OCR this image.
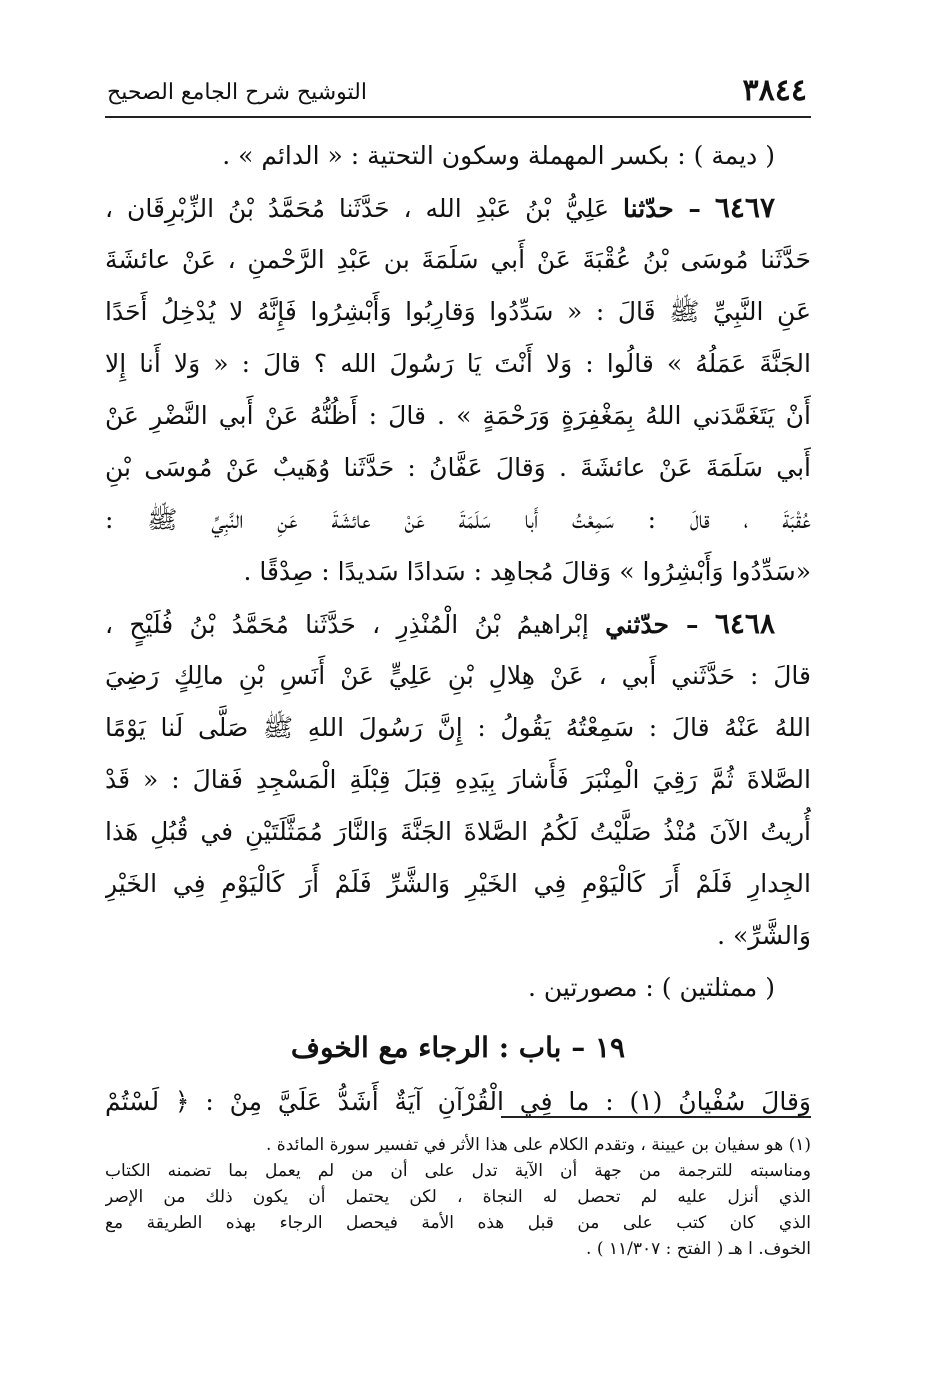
٣٨٤٤
التوشيح شرح الجامع الصحيح
( ديمة ) : بكسر المهملة وسكون التحتية : « الدائم » .
٦٤٦٧ – حدّثنا عَلِيُّ بْنُ عَبْدِ الله ، حَدَّثَنا مُحَمَّدُ بْنُ الزِّبْرِقَان ،
حَدَّثَنا مُوسَى بْنُ عُقْبَةَ عَنْ أَبي سَلَمَةَ بن عَبْدِ الرَّحْمنِ ، عَنْ عائشَةَ
عَنِ النَّبِيِّ ﷺ قَالَ : « سَدِّدُوا وَقارِبُوا وَأَبْشِرُوا فَإِنَّهُ لا يُدْخِلُ أَحَدًا
الجَنَّةَ عَمَلُهُ » قالُوا : وَلا أَنْتَ يَا رَسُولَ الله ؟ قالَ : « وَلا أَنا إِلا
أَنْ يَتَغَمَّدَني اللهُ بِمَغْفِرَةٍ وَرَحْمَةٍ » . قالَ : أَظُنُّهُ عَنْ أَبي النَّضْرِ عَنْ
أَبي سَلَمَةَ عَنْ عائشَةَ . وَقالَ عَفَّانُ : حَدَّثَنا وُهَيبٌ عَنْ مُوسَى بْنِ
عُقْبَةَ ، قالَ : سَمِعْتُ أَبا سَلَمَةَ عَنْ عائشَةَ عَنِ النَّبِيِّ ﷺ :
«سَدِّدُوا وَأَبْشِرُوا » وَقالَ مُجاهِد : سَدادًا سَديدًا : صِدْقًا .
٦٤٦٨ – حدّثني إبْراهيمُ بْنُ الْمُنْذِرِ ، حَدَّثَنا مُحَمَّدُ بْنُ فُلَيْحٍ ،
قالَ : حَدَّثَني أَبي ، عَنْ هِلالِ بْنِ عَلِيٍّ عَنْ أَنَسِ بْنِ مالِكٍ رَضِيَ
اللهُ عَنْهُ قالَ : سَمِعْتُهُ يَقُولُ : إِنَّ رَسُولَ اللهِ ﷺ صَلَّى لَنا يَوْمًا
الصَّلاةَ ثُمَّ رَقِيَ الْمِنْبَرَ فَأَشارَ بِيَدِهِ قِبَلَ قِبْلَةِ الْمَسْجِدِ فَقالَ : « قَدْ
أُريتُ الآنَ مُنْذُ صَلَّيْتُ لَكُمُ الصَّلاةَ الجَنَّةَ وَالنَّارَ مُمَثَّلَتَيْنِ في قُبُلِ هَذا
الجِدارِ فَلَمْ أَرَ كَالْيَوْمِ فِي الخَيْرِ وَالشَّرِّ فَلَمْ أَرَ كَالْيَوْمِ فِي الخَيْرِ
وَالشَّرِّ» .
( ممثلتين ) : مصورتين .
١٩ – باب : الرجاء مع الخوف
وَقالَ سُفْيانُ (١) : ما فِي الْقُرْآنِ آيَةٌ أَشَدُّ عَلَيَّ مِنْ : ﴿ لَسْتُمْ
(١) هو سفيان بن عيينة ، وتقدم الكلام على هذا الأثر في تفسير سورة المائدة .
ومناسبته للترجمة من جهة أن الآية تدل على أن من لم يعمل بما تضمنه الكتاب
الذي أنزل عليه لم تحصل له النجاة ، لكن يحتمل أن يكون ذلك من الإصر
الذي كان كتب على من قبل هذه الأمة فيحصل الرجاء بهذه الطريقة مع
الخوف. ا هـ ( الفتح : ١١/٣٠٧ ) .
